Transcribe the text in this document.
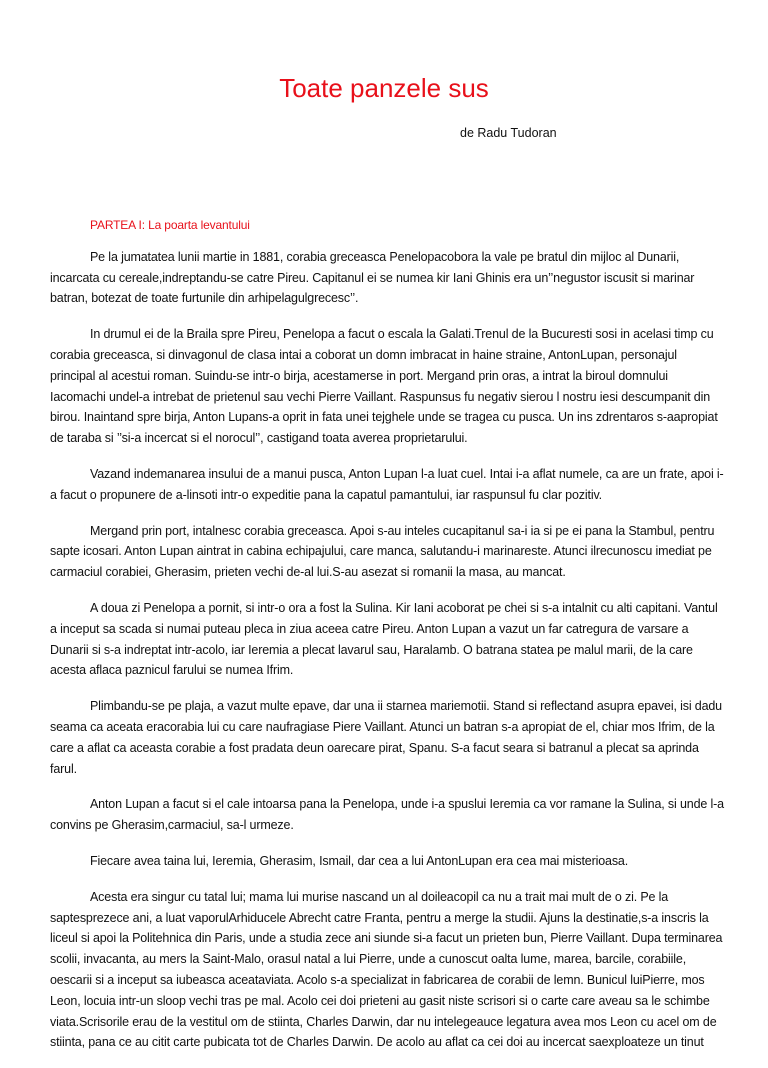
Toate panzele sus

de Radu Tudoran

PARTEA I: La poarta levantului

Pe la jumatatea lunii martie in 1881, corabia greceasca Penelopacobora la vale pe bratul din mijloc al Dunarii, incarcata cu cereale,indreptandu-se catre Pireu. Capitanul ei se numea kir Iani Ghinis era un’’negustor iscusit si marinar batran, botezat de toate furtunile din arhipelagulgrecesc’’.

In drumul ei de la Braila spre Pireu, Penelopa a facut o escala la Galati.Trenul de la Bucuresti sosi in acelasi timp cu corabia greceasca, si dinvagonul de clasa intai a coborat un domn imbracat in haine straine, AntonLupan, personajul principal al acestui roman. Suindu-se intr-o birja, acestamerse in port. Mergand prin oras, a intrat la biroul domnului Iacomachi undel-a intrebat de prietenul sau vechi Pierre Vaillant. Raspunsus fu negativ sierou l nostru iesi descumpanit din birou. Inaintand spre birja, Anton Lupans-a oprit in fata unei tejghele unde se tragea cu pusca. Un ins zdrentaros s-aapropiat de taraba si ’’si-a incercat si el norocul’’, castigand toata averea proprietarului.

Vazand indemanarea insului de a manui pusca, Anton Lupan l-a luat cuel. Intai i-a aflat numele, ca are un frate, apoi i-a facut o propunere de a-linsoti intr-o expeditie pana la capatul pamantului, iar raspunsul fu clar pozitiv.

Mergand prin port, intalnesc corabia greceasca. Apoi s-au inteles cucapitanul sa-i ia si pe ei pana la Stambul, pentru sapte icosari. Anton Lupan aintrat in cabina echipajului, care manca, salutandu-i marinareste. Atunci ilrecunoscu imediat pe carmaciul corabiei, Gherasim, prieten vechi de-al lui.S-au asezat si romanii la masa, au mancat.

A doua zi Penelopa a pornit, si intr-o ora a fost la Sulina. Kir Iani acoborat pe chei si s-a intalnit cu alti capitani. Vantul a inceput sa scada si numai puteau pleca in ziua aceea catre Pireu. Anton Lupan a vazut un far catregura de varsare a Dunarii si s-a indreptat intr-acolo, iar Ieremia a plecat lavarul sau, Haralamb. O batrana statea pe malul marii, de la care acesta aflaca paznicul farului se numea Ifrim.

Plimbandu-se pe plaja, a vazut multe epave, dar una ii starnea mariemotii. Stand si reflectand asupra epavei, isi dadu seama ca aceata eracorabia lui cu care naufragiase Piere Vaillant. Atunci un batran s-a apropiat de el, chiar mos Ifrim, de la care a aflat ca aceasta corabie a fost pradata deun oarecare pirat, Spanu. S-a facut seara si batranul a plecat sa aprinda farul.

Anton Lupan a facut si el cale intoarsa pana la Penelopa, unde i-a spuslui Ieremia ca vor ramane la Sulina, si unde l-a convins pe Gherasim,carmaciul, sa-l urmeze.

Fiecare avea taina lui, Ieremia, Gherasim, Ismail, dar cea a lui AntonLupan era cea mai misterioasa.

Acesta era singur cu tatal lui; mama lui murise nascand un al doileacopil ca nu a trait mai mult de o zi. Pe la saptesprezece ani, a luat vaporulArhiducele Abrecht catre Franta, pentru a merge la studii. Ajuns la destinatie,s-a inscris la liceul si apoi la Politehnica din Paris, unde a studia zece ani siunde si-a facut un prieten bun, Pierre Vaillant. Dupa terminarea scolii, invacanta, au mers la Saint-Malo, orasul natal a lui Pierre, unde a cunoscut oalta lume, marea, barcile, corabiile, oescarii si a inceput sa iubeasca aceataviata. Acolo s-a specializat in fabricarea de corabii de lemn. Bunicul luiPierre, mos Leon, locuia intr-un sloop vechi tras pe mal. Acolo cei doi prieteni au gasit niste scrisori si o carte care aveau sa le schimbe viata.Scrisorile erau de la vestitul om de stiinta, Charles Darwin, dar nu intelegeauce legatura avea mos Leon cu acel om de stiinta, pana ce au citit carte pubicata tot de Charles Darwin. De acolo au aflat ca cei doi au incercat saexploateze un tinut
